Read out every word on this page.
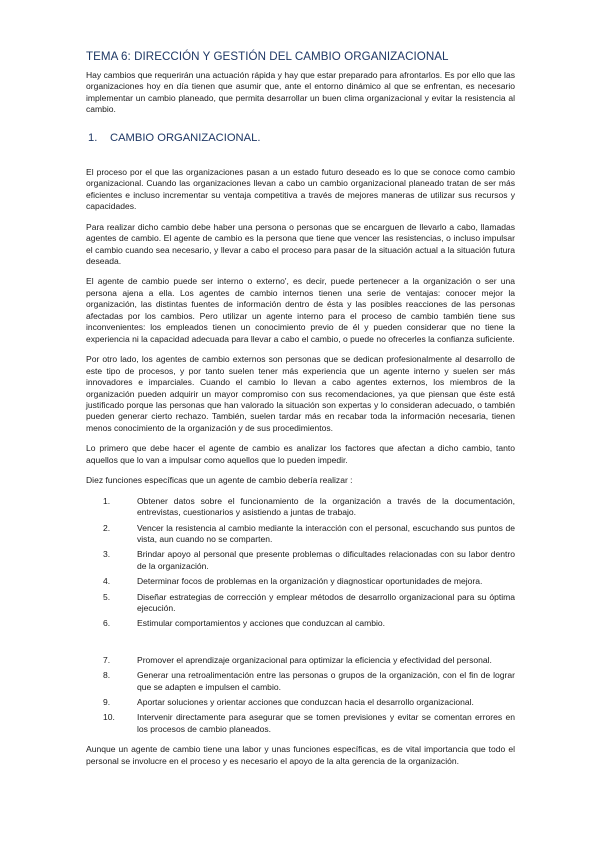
TEMA 6: DIRECCIÓN Y GESTIÓN DEL CAMBIO ORGANIZACIONAL

Hay cambios que requerirán una actuación rápida y hay que estar preparado para afrontarlos. Es por ello que las organizaciones hoy en día tienen que asumir que, ante el entorno dinámico al que se enfrentan, es necesario implementar un cambio planeado, que permita desarrollar un buen clima organizacional y evitar la resistencia al cambio.

1. CAMBIO ORGANIZACIONAL.

El proceso por el que las organizaciones pasan a un estado futuro deseado es lo que se conoce como cambio organizacional. Cuando las organizaciones llevan a cabo un cambio organizacional planeado tratan de ser más eficientes e incluso incrementar su ventaja competitiva a través de mejores maneras de utilizar sus recursos y capacidades.

Para realizar dicho cambio debe haber una persona o personas que se encarguen de llevarlo a cabo, llamadas agentes de cambio. El agente de cambio es la persona que tiene que vencer las resistencias, o incluso impulsar el cambio cuando sea necesario, y llevar a cabo el proceso para pasar de la situación actual a la situación futura deseada.

El agente de cambio puede ser interno o externo', es decir, puede pertenecer a la organización o ser una persona ajena a ella. Los agentes de cambio internos tienen una serie de ventajas: conocer mejor la organización, las distintas fuentes de información dentro de ésta y las posibles reacciones de las personas afectadas por los cambios. Pero utilizar un agente interno para el proceso de cambio también tiene sus inconvenientes: los empleados tienen un conocimiento previo de él y pueden considerar que no tiene la experiencia ni la capacidad adecuada para llevar a cabo el cambio, o puede no ofrecerles la confianza suficiente.

Por otro lado, los agentes de cambio externos son personas que se dedican profesionalmente al desarrollo de este tipo de procesos, y por tanto suelen tener más experiencia que un agente interno y suelen ser más innovadores e imparciales. Cuando el cambio lo llevan a cabo agentes externos, los miembros de la organización pueden adquirir un mayor compromiso con sus recomendaciones, ya que piensan que éste está justificado porque las personas que han valorado la situación son expertas y lo consideran adecuado, o también pueden generar cierto rechazo. También, suelen tardar más en recabar toda la información necesaria, tienen menos conocimiento de la organización y de sus procedimientos.

Lo primero que debe hacer el agente de cambio es analizar los factores que afectan a dicho cambio, tanto aquellos que lo van a impulsar como aquellos que lo pueden impedir.

Diez funciones específicas que un agente de cambio debería realizar :

1.	Obtener datos sobre el funcionamiento de la organización a través de la documentación, entrevistas, cuestionarios y asistiendo a juntas de trabajo.
2.	Vencer la resistencia al cambio mediante la interacción con el personal, escuchando sus puntos de vista, aun cuando no se comparten.
3.	Brindar apoyo al personal que presente problemas o dificultades relacionadas con su labor dentro de la organización.
4.	Determinar focos de problemas en la organización y diagnosticar oportunidades de mejora.
5.	Diseñar estrategias de corrección y emplear métodos de desarrollo organizacional para su óptima ejecución.
6.	Estimular comportamientos y acciones que conduzcan al cambio.
7.	Promover el aprendizaje organizacional para optimizar la eficiencia y efectividad del personal.
8.	Generar una retroalimentación entre las personas o grupos de la organización, con el fin de lograr que se adapten e impulsen el cambio.
9.	Aportar soluciones y orientar acciones que conduzcan hacia el desarrollo organizacional.
10.	Intervenir directamente para asegurar que se tomen previsiones y evitar se comentan errores en los procesos de cambio planeados.

Aunque un agente de cambio tiene una labor y unas funciones específicas, es de vital importancia que todo el personal se involucre en el proceso y es necesario el apoyo de la alta gerencia de la organización.
